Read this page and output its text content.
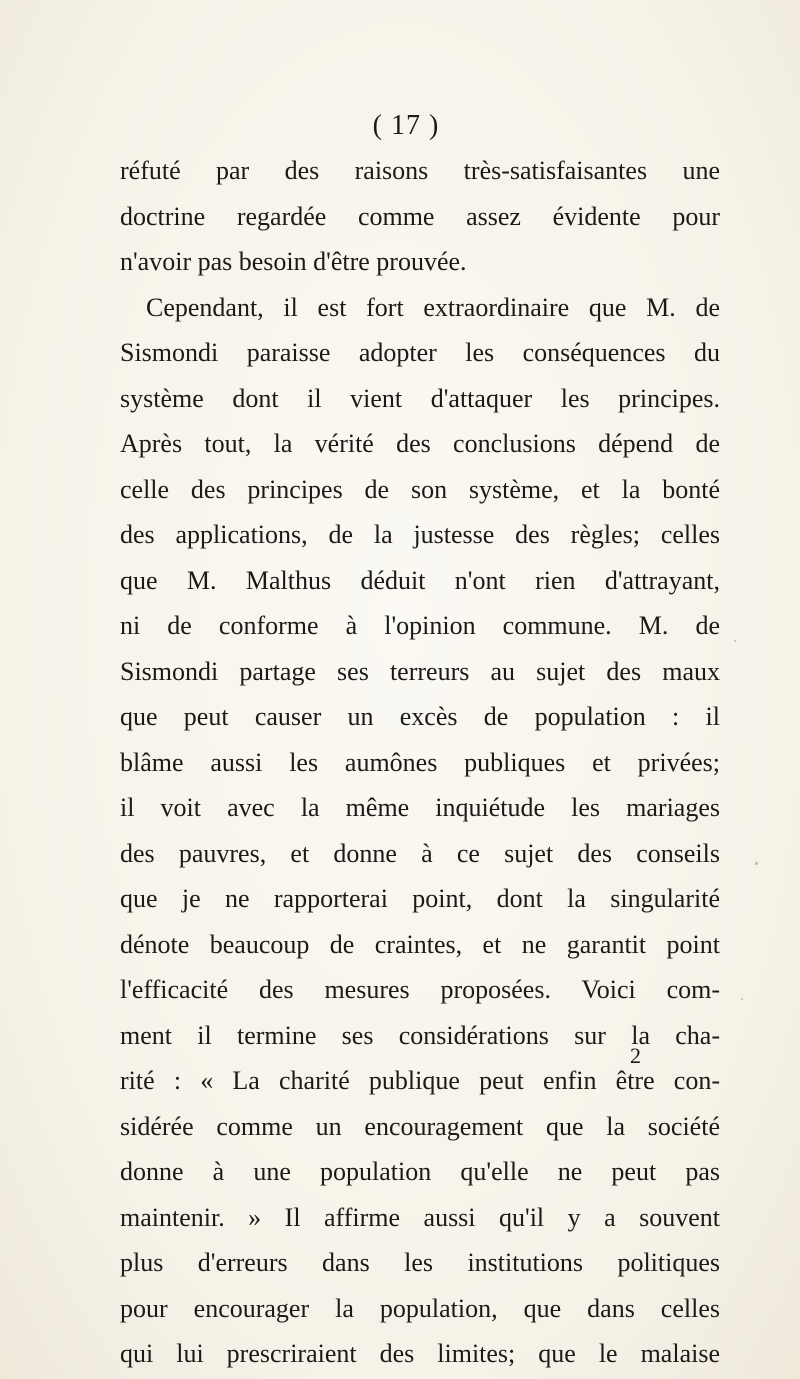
( 17 )
réfuté par des raisons très-satisfaisantes une
doctrine regardée comme assez évidente pour
n'avoir pas besoin d'être prouvée.
Cependant, il est fort extraordinaire que M. de
Sismondi paraisse adopter les conséquences du
système dont il vient d'attaquer les principes.
Après tout, la vérité des conclusions dépend de
celle des principes de son système, et la bonté
des applications, de la justesse des règles; celles
que M. Malthus déduit n'ont rien d'attrayant,
ni de conforme à l'opinion commune. M. de
Sismondi partage ses terreurs au sujet des maux
que peut causer un excès de population : il
blâme aussi les aumônes publiques et privées;
il voit avec la même inquiétude les mariages
des pauvres, et donne à ce sujet des conseils
que je ne rapporterai point, dont la singularité
dénote beaucoup de craintes, et ne garantit point
l'efficacité des mesures proposées. Voici com-
ment il termine ses considérations sur la cha-
rité : « La charité publique peut enfin être con-
sidérée comme un encouragement que la société
donne à une population qu'elle ne peut pas
maintenir. » Il affirme aussi qu'il y a souvent
plus d'erreurs dans les institutions politiques
pour encourager la population, que dans celles
qui lui prescriraient des limites; que le malaise
2
